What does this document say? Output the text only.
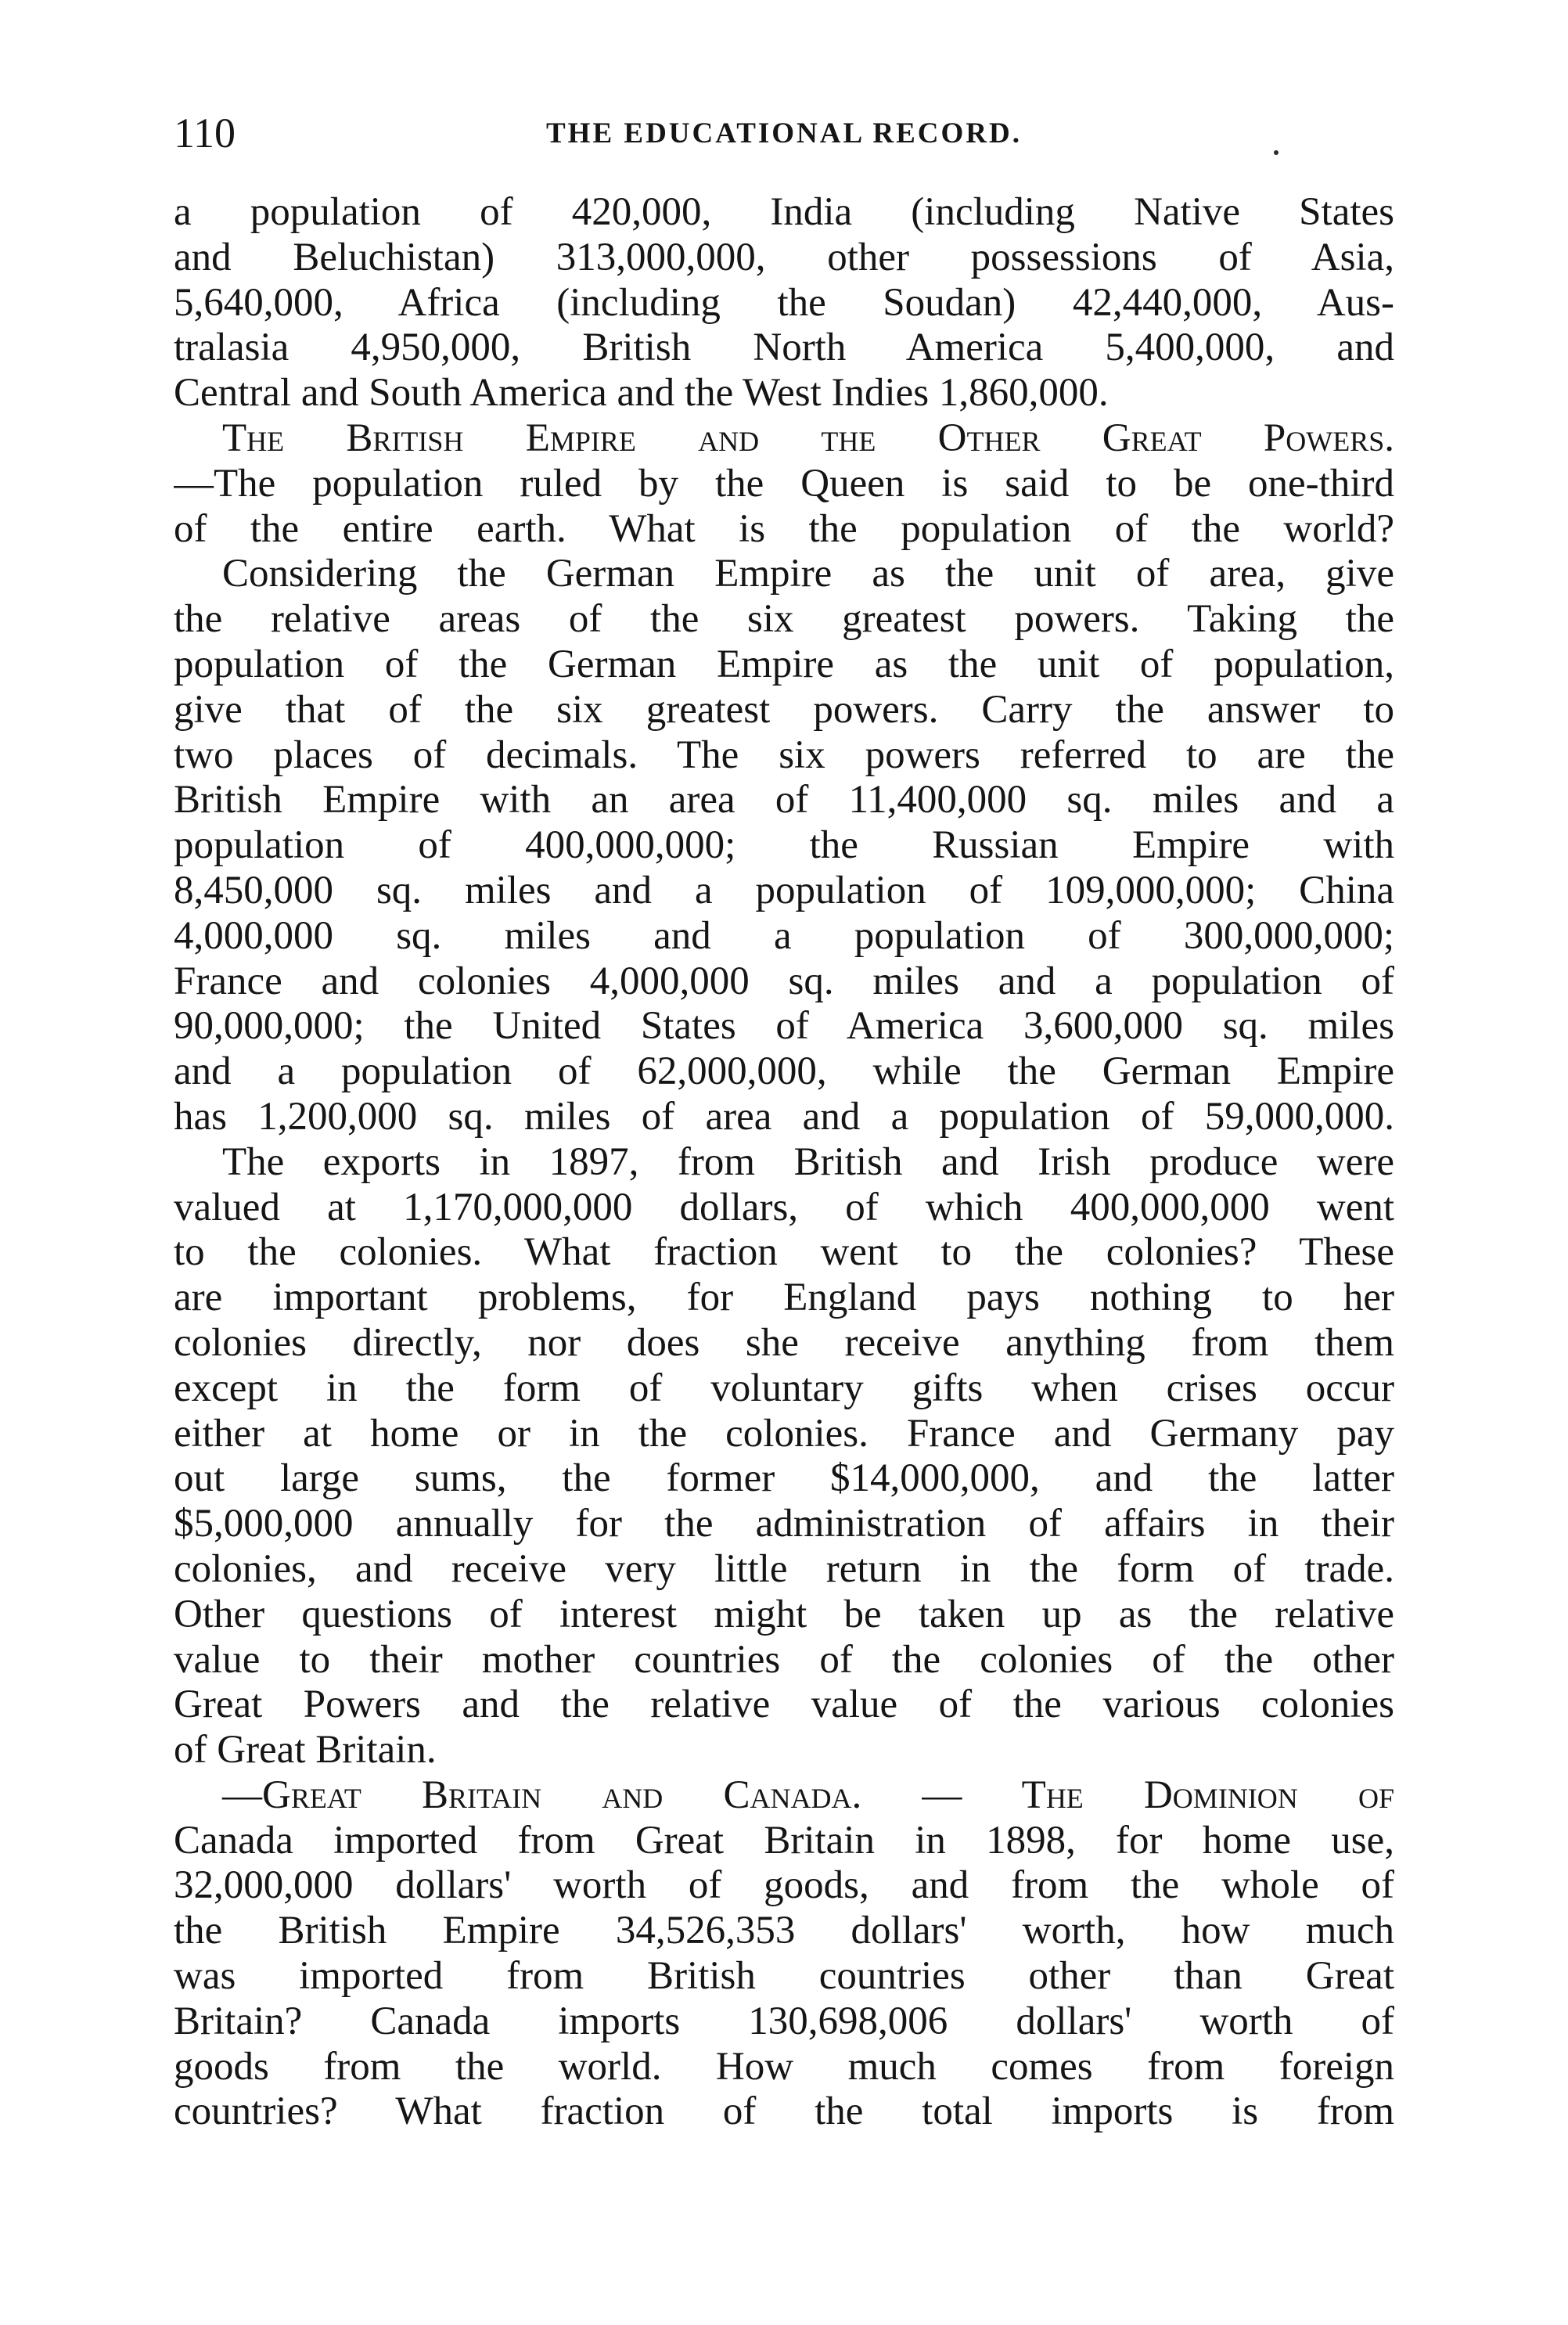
110	THE EDUCATIONAL RECORD.
a population of 420,000, India (including Native States
and Beluchistan) 313,000,000, other possessions of Asia,
5,640,000, Africa (including the Soudan) 42,440,000, Aus-
tralasia 4,950,000, British North America 5,400,000, and
Central and South America and the West Indies 1,860,000.
The British Empire and the Other Great Powers.
—The population ruled by the Queen is said to be one-third
of the entire earth. What is the population of the world?
Considering the German Empire as the unit of area, give
the relative areas of the six greatest powers. Taking the
population of the German Empire as the unit of population,
give that of the six greatest powers. Carry the answer to
two places of decimals. The six powers referred to are the
British Empire with an area of 11,400,000 sq. miles and a
population of 400,000,000; the Russian Empire with
8,450,000 sq. miles and a population of 109,000,000; China
4,000,000 sq. miles and a population of 300,000,000;
France and colonies 4,000,000 sq. miles and a population of
90,000,000; the United States of America 3,600,000 sq. miles
and a population of 62,000,000, while the German Empire
has 1,200,000 sq. miles of area and a population of 59,000,000.
The exports in 1897, from British and Irish produce were
valued at 1,170,000,000 dollars, of which 400,000,000 went
to the colonies. What fraction went to the colonies? These
are important problems, for England pays nothing to her
colonies directly, nor does she receive anything from them
except in the form of voluntary gifts when crises occur
either at home or in the colonies. France and Germany pay
out large sums, the former $14,000,000, and the latter
$5,000,000 annually for the administration of affairs in their
colonies, and receive very little return in the form of trade.
Other questions of interest might be taken up as the relative
value to their mother countries of the colonies of the other
Great Powers and the relative value of the various colonies
of Great Britain.
—Great Britain and Canada. — The Dominion of
Canada imported from Great Britain in 1898, for home use,
32,000,000 dollars' worth of goods, and from the whole of
the British Empire 34,526,353 dollars' worth, how much
was imported from British countries other than Great
Britain? Canada imports 130,698,006 dollars' worth of
goods from the world. How much comes from foreign
countries? What fraction of the total imports is from
